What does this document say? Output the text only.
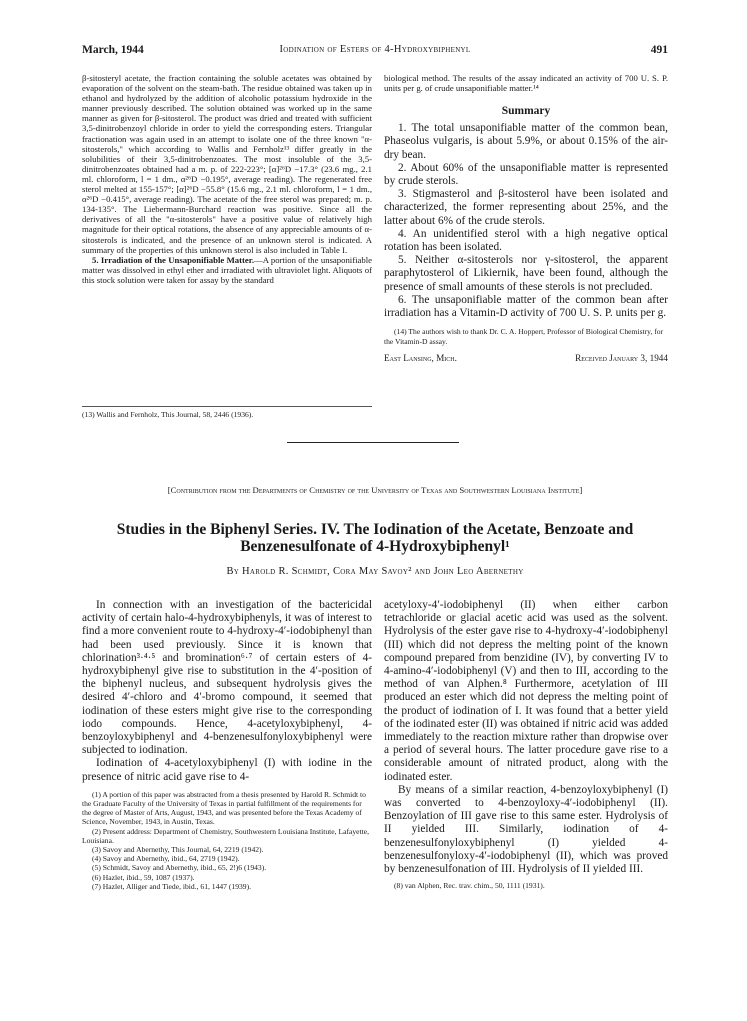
March, 1944	Iodination of Esters of 4-Hydroxybiphenyl	491

β-sitosteryl acetate, the fraction containing the soluble acetates was obtained by evaporation of the solvent on the steam-bath. The residue obtained was taken up in ethanol and hydrolyzed by the addition of alcoholic potassium hydroxide in the manner previously described. The solution obtained was worked up in the same manner as given for β-sitosterol. The product was dried and treated with sufficient 3,5-dinitrobenzoyl chloride in order to yield the corresponding esters. Triangular fractionation was again used in an attempt to isolate one of the three known "α-sitosterols," which according to Wallis and Fernholz¹³ differ greatly in the solubilities of their 3,5-dinitrobenzoates. The most insoluble of the 3,5-dinitrobenzoates obtained had a m. p. of 222-223°; [α]²⁶D −17.3° (23.6 mg., 2.1 ml. chloroform, l = 1 dm., α²⁶D −0.195°, average reading). The regenerated free sterol melted at 155-157°; [α]²⁶D −55.8° (15.6 mg., 2.1 ml. chloroform, l = 1 dm., α²⁶D −0.415°, average reading). The acetate of the free sterol was prepared; m. p. 134-135°. The Liebermann-Burchard reaction was positive. Since all the derivatives of all the "α-sitosterols" have a positive value of relatively high magnitude for their optical rotations, the absence of any appreciable amounts of α-sitosterols is indicated, and the presence of an unknown sterol is indicated. A summary of the properties of this unknown sterol is also included in Table I.

5. Irradiation of the Unsaponifiable Matter.—A portion of the unsaponifiable matter was dissolved in ethyl ether and irradiated with ultraviolet light. Aliquots of this stock solution were taken for assay by the standard

(13) Wallis and Fernholz, This Journal, 58, 2446 (1936).

biological method. The results of the assay indicated an activity of 700 U. S. P. units per g. of crude unsaponifiable matter.¹⁴

Summary

1. The total unsaponifiable matter of the common bean, Phaseolus vulgaris, is about 5.9%, or about 0.15% of the air-dry bean.

2. About 60% of the unsaponifiable matter is represented by crude sterols.

3. Stigmasterol and β-sitosterol have been isolated and characterized, the former representing about 25%, and the latter about 6% of the crude sterols.

4. An unidentified sterol with a high negative optical rotation has been isolated.

5. Neither α-sitosterols nor γ-sitosterol, the apparent paraphytosterol of Likiernik, have been found, although the presence of small amounts of these sterols is not precluded.

6. The unsaponifiable matter of the common bean after irradiation has a Vitamin-D activity of 700 U. S. P. units per g.

(14) The authors wish to thank Dr. C. A. Hoppert, Professor of Biological Chemistry, for the Vitamin-D assay.

East Lansing, Mich.	Received January 3, 1944
[Contribution from the Departments of Chemistry of the University of Texas and Southwestern Louisiana Institute]
Studies in the Biphenyl Series. IV. The Iodination of the Acetate, Benzoate and Benzenesulfonate of 4-Hydroxybiphenyl¹
By Harold R. Schmidt, Cora May Savoy² and John Leo Abernethy

In connection with an investigation of the bactericidal activity of certain halo-4-hydroxybiphenyls, it was of interest to find a more convenient route to 4-hydroxy-4′-iodobiphenyl than had been used previously. Since it is known that chlorination³·⁴·⁵ and bromination⁶·⁷ of certain esters of 4-hydroxybiphenyl give rise to substitution in the 4′-position of the biphenyl nucleus, and subsequent hydrolysis gives the desired 4′-chloro and 4′-bromo compound, it seemed that iodination of these esters might give rise to the corresponding iodo compounds. Hence, 4-acetyloxybiphenyl, 4-benzoyloxybiphenyl and 4-benzenesulfonyloxybiphenyl were subjected to iodination.

Iodination of 4-acetyloxybiphenyl (I) with iodine in the presence of nitric acid gave rise to 4-

(1) A portion of this paper was abstracted from a thesis presented by Harold R. Schmidt to the Graduate Faculty of the University of Texas in partial fulfillment of the requirements for the degree of Master of Arts, August, 1943, and was presented before the Texas Academy of Science, November, 1943, in Austin, Texas.

(2) Present address: Department of Chemistry, Southwestern Louisiana Institute, Lafayette, Louisiana.

(3) Savoy and Abernethy, This Journal, 64, 2219 (1942).

(4) Savoy and Abernethy, ibid., 64, 2719 (1942).

(5) Schmidt, Savoy and Abernethy, ibid., 65, 2!)6 (1943).

(6) Hazlet, ibid., 59, 1087 (1937).

(7) Hazlet, Alliger and Tiede, ibid., 61, 1447 (1939).

acetyloxy-4′-iodobiphenyl (II) when either carbon tetrachloride or glacial acetic acid was used as the solvent. Hydrolysis of the ester gave rise to 4-hydroxy-4′-iodobiphenyl (III) which did not depress the melting point of the known compound prepared from benzidine (IV), by converting IV to 4-amino-4′-iodobiphenyl (V) and then to III, according to the method of van Alphen.⁸ Furthermore, acetylation of III produced an ester which did not depress the melting point of the product of iodination of I. It was found that a better yield of the iodinated ester (II) was obtained if nitric acid was added immediately to the reaction mixture rather than dropwise over a period of several hours. The latter procedure gave rise to a considerable amount of nitrated product, along with the iodinated ester.

By means of a similar reaction, 4-benzoyloxybiphenyl (I) was converted to 4-benzoyloxy-4′-iodobiphenyl (II). Benzoylation of III gave rise to this same ester. Hydrolysis of II yielded III. Similarly, iodination of 4-benzenesulfonyloxybiphenyl (I) yielded 4-benzenesulfonyloxy-4′-iodobiphenyl (II), which was proved by benzenesulfonation of III. Hydrolysis of II yielded III.

(8) van Alphen, Rec. trav. chim., 50, 1111 (1931).
